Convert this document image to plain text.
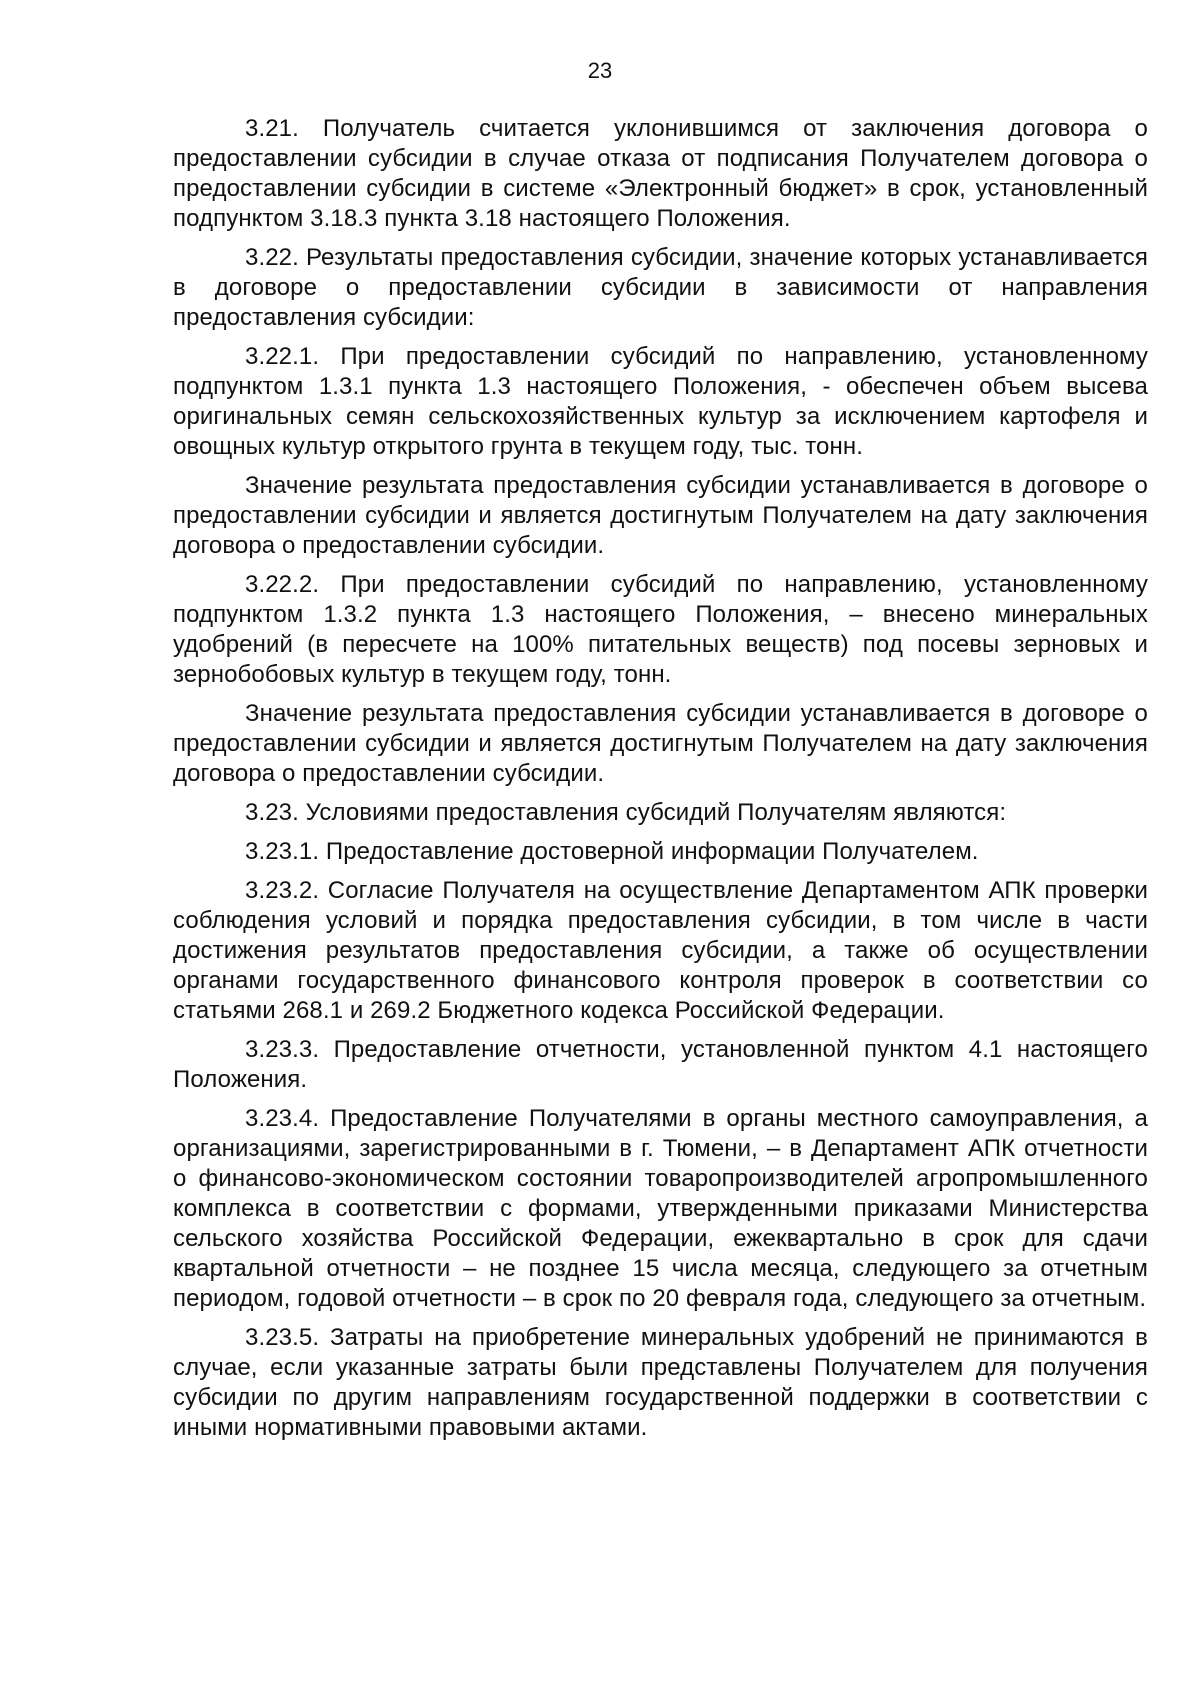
23

3.21. Получатель считается уклонившимся от заключения договора о предоставлении субсидии в случае отказа от подписания Получателем договора о предоставлении субсидии в системе «Электронный бюджет» в срок, установленный подпунктом 3.18.3 пункта 3.18 настоящего Положения.

3.22. Результаты предоставления субсидии, значение которых устанавливается в договоре о предоставлении субсидии в зависимости от направления предоставления субсидии:

3.22.1. При предоставлении субсидий по направлению, установленному подпунктом 1.3.1 пункта 1.3 настоящего Положения, - обеспечен объем высева оригинальных семян сельскохозяйственных культур за исключением картофеля и овощных культур открытого грунта в текущем году, тыс. тонн.

Значение результата предоставления субсидии устанавливается в договоре о предоставлении субсидии и является достигнутым Получателем на дату заключения договора о предоставлении субсидии.

3.22.2. При предоставлении субсидий по направлению, установленному подпунктом 1.3.2 пункта 1.3 настоящего Положения, – внесено минеральных удобрений (в пересчете на 100% питательных веществ) под посевы зерновых и зернобобовых культур в текущем году, тонн.

Значение результата предоставления субсидии устанавливается в договоре о предоставлении субсидии и является достигнутым Получателем на дату заключения договора о предоставлении субсидии.

3.23. Условиями предоставления субсидий Получателям являются:

3.23.1. Предоставление достоверной информации Получателем.

3.23.2. Согласие Получателя на осуществление Департаментом АПК проверки соблюдения условий и порядка предоставления субсидии, в том числе в части достижения результатов предоставления субсидии, а также об осуществлении органами государственного финансового контроля проверок в соответствии со статьями 268.1 и 269.2 Бюджетного кодекса Российской Федерации.

3.23.3. Предоставление отчетности, установленной пунктом 4.1 настоящего Положения.

3.23.4. Предоставление Получателями в органы местного самоуправления, а организациями, зарегистрированными в г. Тюмени, – в Департамент АПК отчетности о финансово-экономическом состоянии товаропроизводителей агропромышленного комплекса в соответствии с формами, утвержденными приказами Министерства сельского хозяйства Российской Федерации, ежеквартально в срок для сдачи квартальной отчетности – не позднее 15 числа месяца, следующего за отчетным периодом, годовой отчетности – в срок по 20 февраля года, следующего за отчетным.

3.23.5. Затраты на приобретение минеральных удобрений не принимаются в случае, если указанные затраты были представлены Получателем для получения субсидии по другим направлениям государственной поддержки в соответствии с иными нормативными правовыми актами.
